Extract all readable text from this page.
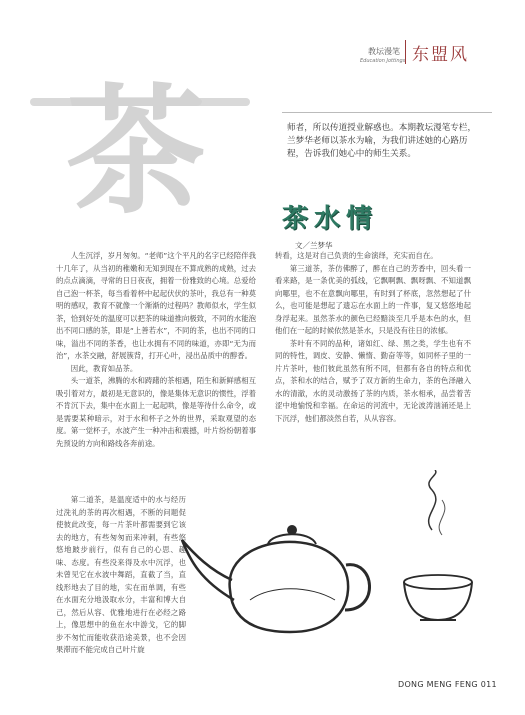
教坛漫笔
Education Jottings 东盟风
茶	师者，所以传道授业解惑也。本期教坛漫笔专栏，兰梦华老师以茶水为喻，为我们讲述她的心路历程，告诉我们她心中的师生关系。
茶水情
文／兰梦华

人生沉浮，岁月匆匆。“老师”这个平凡的名字已经陪伴我十几年了，从当初的稚嫩和无知到现在不算成熟的成熟，过去的点点滴滴，寻常的日日夜夜，拥着一份雅致的心境。总爱给自己泡一杯茶，每当看着杯中起起伏伏的茶叶，我总有一种莫明的感叹，教育不就像一个渐渐的过程吗？教师似水，学生似茶，恰到好处的温度可以把茶的味道推向极致，不同的水能泡出不同口感的茶，即是“上善若水”，不同的茶，也出不同的口味，溢出不同的茶香，也让水拥有不同的味道，亦即“无为而治”，水茶交融，舒展簇背，打开心叶，浸出品质中的醇香。

因此，教育如品茶。

头一道茶，沸腾的水和踌躇的茶相遇，陌生和新鲜感相互吸引着对方，最初是无意识的，像是集体无意识的惯性，浮着不肯沉下去，集中在水面上一起起哄，像是等待什么命令，或是需要某种暗示，对于水和杯子之外的世界，采取观望的态度。第一觉杯子，水波产生一种冲击和震撼，叶片纷纷朝着事先预设的方向和路线各奔前途。

第二道茶，是温度适中的水与经历过洗礼的茶的再次相遇，不断的问题促使彼此改变，每一片茶叶都需要到它该去的地方，有些匆匆而来冲刺，有些悠悠地跛步前行，似有自己的心思、趣味、态度。有些没来得及水中沉浮，也未曾见它在水波中舞蹈，直截了当，直线形地去了目的地，实在而单调，有些在水面充分地汲取水分，丰富和博大自己，然后从容、优雅地进行在必经之路上，像思想中的鱼在水中游戈，它的脚步不匆忙而能收获沿途美景，也不会因果滞而不能完成自己叶片旋

转看，这是对自己负责的生命演绎，充实而自在。

第三道茶，茶仿佛醉了，醉在自己的芳香中，回头看一看来路，是一条优美的弧线，它飘啊飘、飘呀飘、不知道飘向哪里，也不在意飘向哪里，有时到了杯底，忽然想起了什么，也可能是想起了遗忘在水面上的一件事，复又悠悠地起身浮起来。虽然茶水的颜色已经黯淡至几乎是本色的水，但他们在一起的时候依然是茶水，只是没有往日的浓郁。

茶叶有不同的品种，诸如红、绿、黑之类，学生也有不同的特性，调皮、安静、懒惰、勤奋等等，如同杯子里的一片片茶叶，他们彼此虽然有所不同，但都有各自的特点和优点，茶和水的结合，赋予了双方新的生命力，茶的色泽融入水的清澈，水的灵动激扬了茶的内质，茶水相承，品尝着苦涩中地愉悦和幸福。在命运的河流中，无论波涛汹涌还是上下沉浮，他们都淡然自若，从从容容。

DONG MENG FENG 011
